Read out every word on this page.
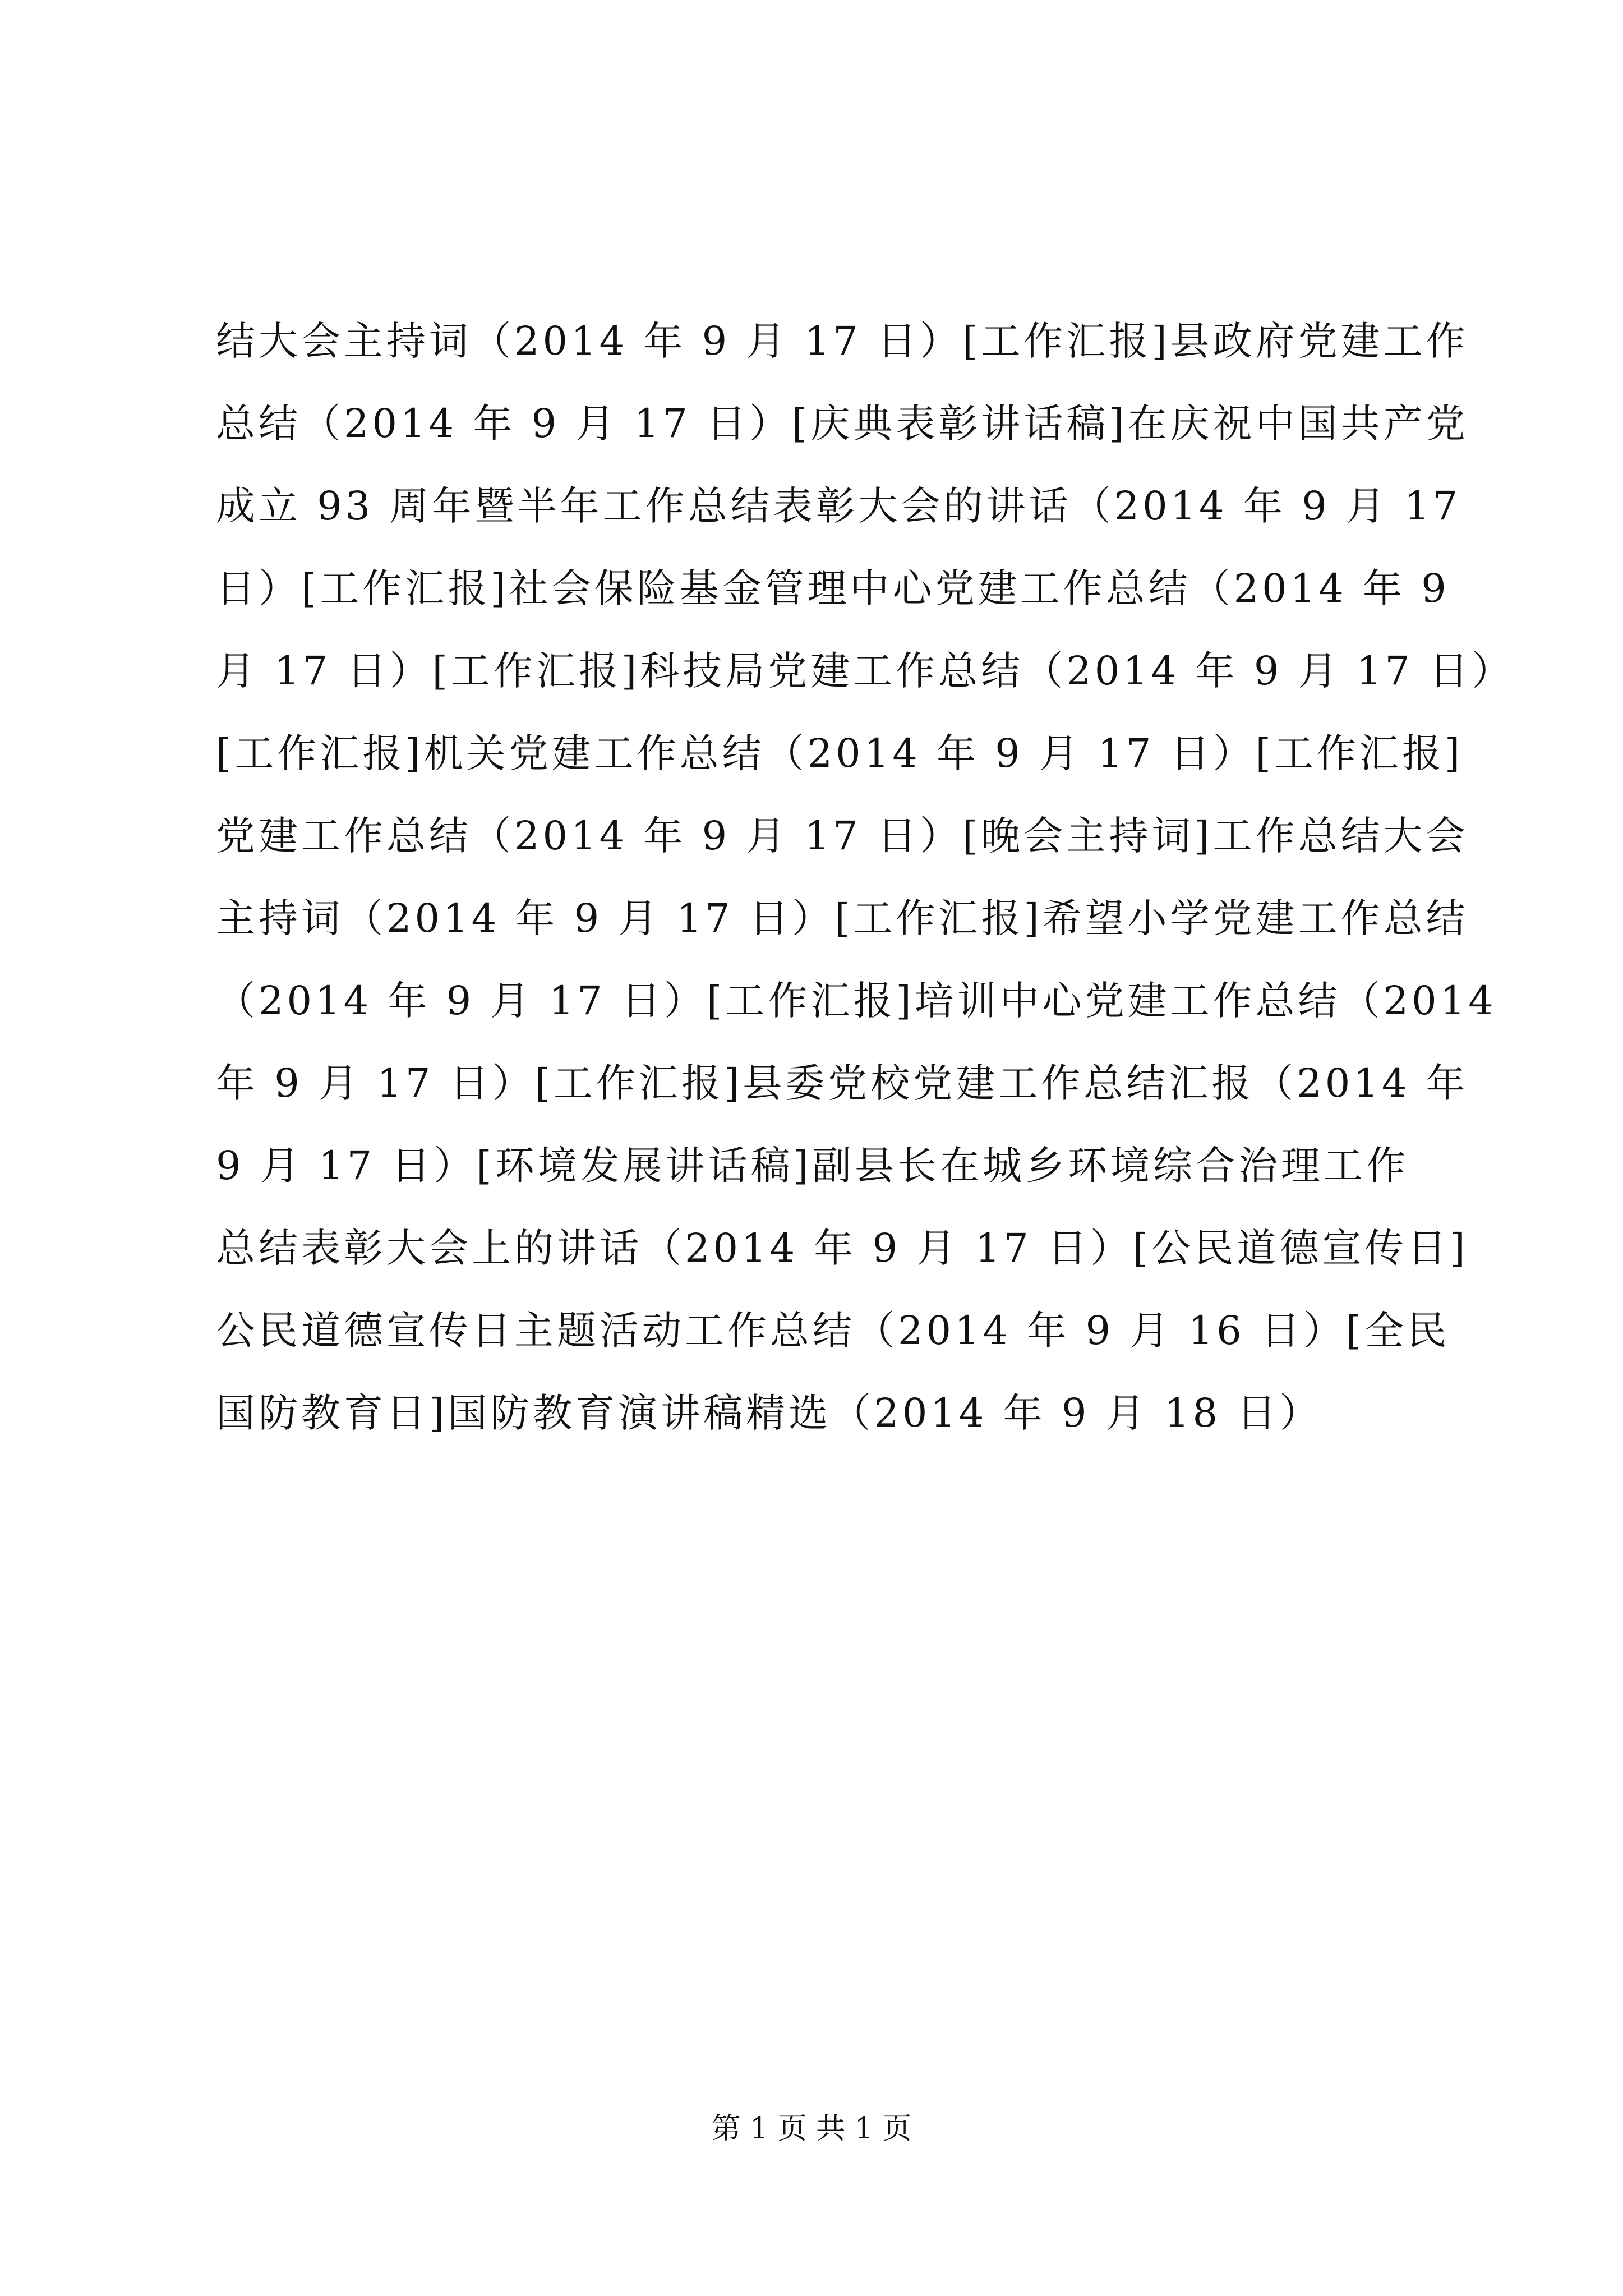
结大会主持词（2014 年 9 月 17 日）[工作汇报]县政府党建工作
总结（2014 年 9 月 17 日）[庆典表彰讲话稿]在庆祝中国共产党
成立 93 周年暨半年工作总结表彰大会的讲话（2014 年 9 月 17
日）[工作汇报]社会保险基金管理中心党建工作总结（2014 年 9
月 17 日）[工作汇报]科技局党建工作总结（2014 年 9 月 17 日）
[工作汇报]机关党建工作总结（2014 年 9 月 17 日）[工作汇报]
党建工作总结（2014 年 9 月 17 日）[晚会主持词]工作总结大会
主持词（2014 年 9 月 17 日）[工作汇报]希望小学党建工作总结
（2014 年 9 月 17 日）[工作汇报]培训中心党建工作总结（2014
年 9 月 17 日）[工作汇报]县委党校党建工作总结汇报（2014 年
9 月 17 日）[环境发展讲话稿]副县长在城乡环境综合治理工作
总结表彰大会上的讲话（2014 年 9 月 17 日）[公民道德宣传日]
公民道德宣传日主题活动工作总结（2014 年 9 月 16 日）[全民
国防教育日]国防教育演讲稿精选（2014 年 9 月 18 日）
第 1 页 共 1 页
